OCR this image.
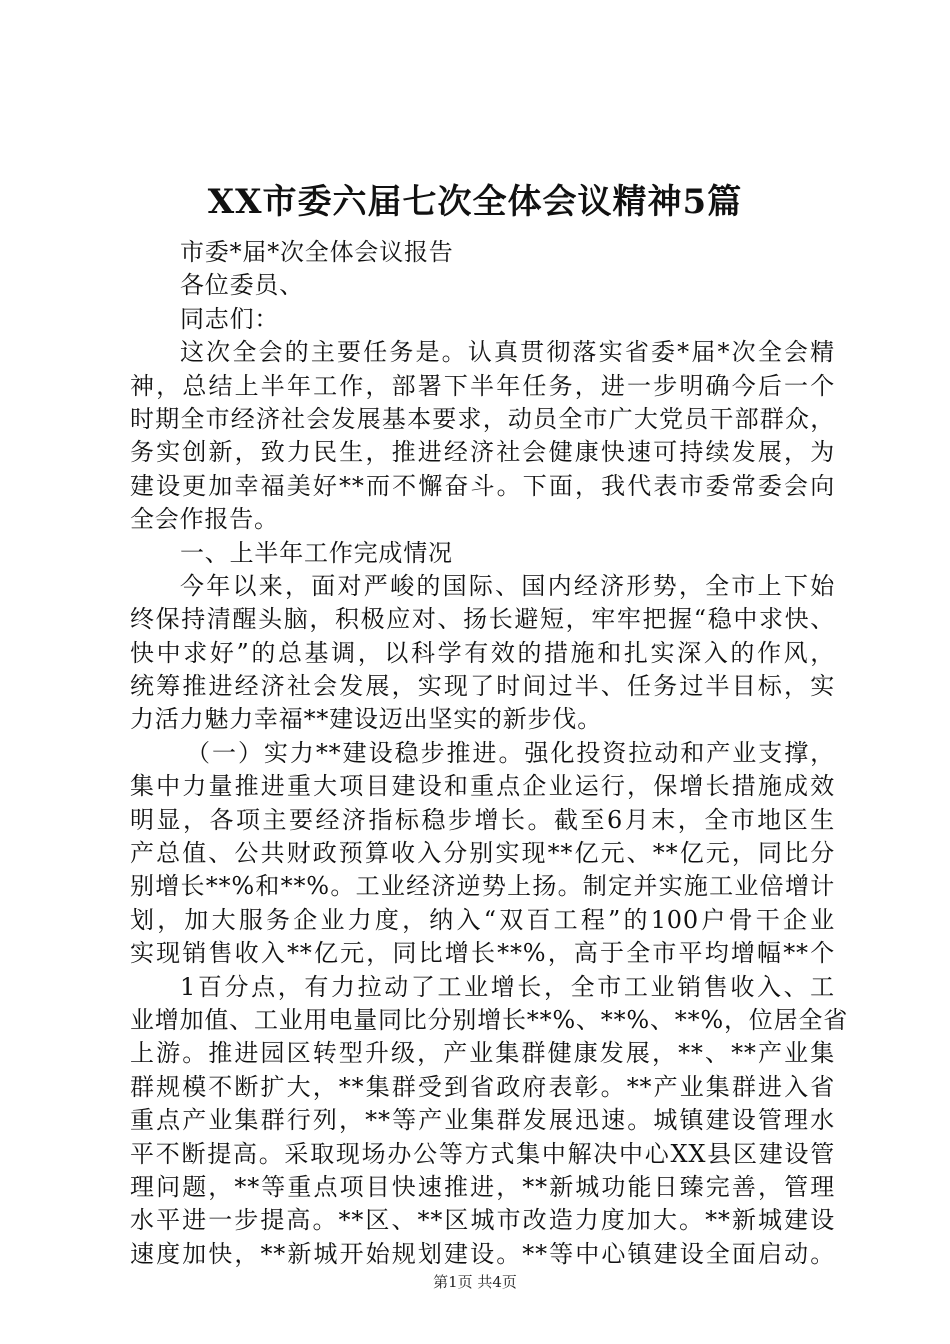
XX市委六届七次全体会议精神5篇
市委*届*次全体会议报告
各位委员、
同志们：
这次全会的主要任务是。认真贯彻落实省委*届*次全会精
神，总结上半年工作，部署下半年任务，进一步明确今后一个
时期全市经济社会发展基本要求，动员全市广大党员干部群众，
务实创新，致力民生，推进经济社会健康快速可持续发展，为
建设更加幸福美好**而不懈奋斗。下面，我代表市委常委会向
全会作报告。
一、上半年工作完成情况
今年以来，面对严峻的国际、国内经济形势，全市上下始
终保持清醒头脑，积极应对、扬长避短，牢牢把握“稳中求快、
快中求好”的总基调，以科学有效的措施和扎实深入的作风，
统筹推进经济社会发展，实现了时间过半、任务过半目标，实
力活力魅力幸福**建设迈出坚实的新步伐。
（一）实力**建设稳步推进。强化投资拉动和产业支撑，
集中力量推进重大项目建设和重点企业运行，保增长措施成效
明显，各项主要经济指标稳步增长。截至6月末，全市地区生
产总值、公共财政预算收入分别实现**亿元、**亿元，同比分
别增长**%和**%。工业经济逆势上扬。制定并实施工业倍增计
划，加大服务企业力度，纳入“双百工程”的100户骨干企业
实现销售收入**亿元，同比增长**%，高于全市平均增幅**个
1百分点，有力拉动了工业增长，全市工业销售收入、工
业增加值、工业用电量同比分别增长**%、**%、**%，位居全省
上游。推进园区转型升级，产业集群健康发展，**、**产业集
群规模不断扩大，**集群受到省政府表彰。**产业集群进入省
重点产业集群行列，**等产业集群发展迅速。城镇建设管理水
平不断提高。采取现场办公等方式集中解决中心XX县区建设管
理问题，**等重点项目快速推进，**新城功能日臻完善，管理
水平进一步提高。**区、**区城市改造力度加大。**新城建设
速度加快，**新城开始规划建设。**等中心镇建设全面启动。
第1页 共4页
